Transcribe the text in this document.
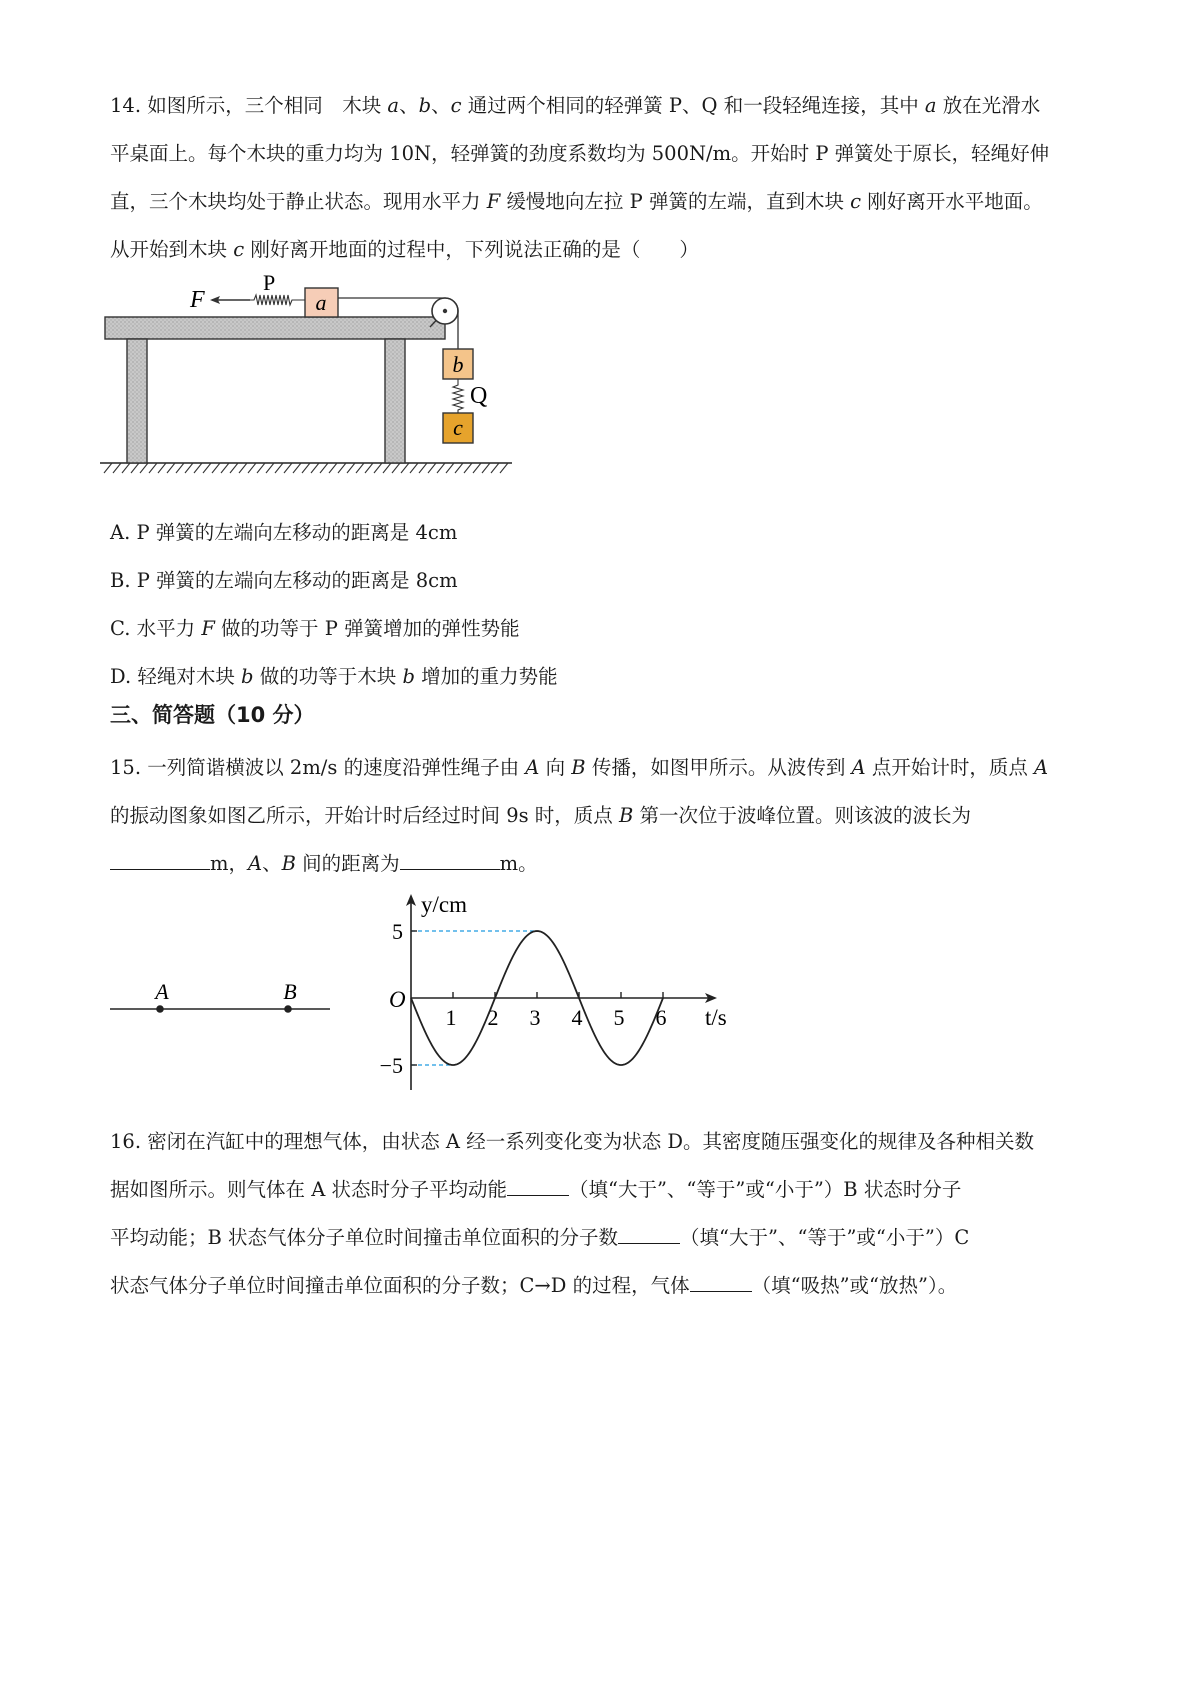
14. 如图所示，三个相同　木块 a、b、c 通过两个相同的轻弹簧 P、Q 和一段轻绳连接，其中 a 放在光滑水
平桌面上。每个木块的重力均为 10N，轻弹簧的劲度系数均为 500N/m。开始时 P 弹簧处于原长，轻绳好伸
直，三个木块均处于静止状态。现用水平力 F 缓慢地向左拉 P 弹簧的左端，直到木块 c 刚好离开水平地面。
从开始到木块 c 刚好离开地面的过程中，下列说法正确的是（　　）
F
P
a
b
Q
c
A. P 弹簧的左端向左移动的距离是 4cm
B. P 弹簧的左端向左移动的距离是 8cm
C. 水平力 F 做的功等于 P 弹簧增加的弹性势能
D. 轻绳对木块 b 做的功等于木块 b 增加的重力势能
三、简答题（10 分）
15. 一列简谐横波以 2m/s 的速度沿弹性绳子由 A 向 B 传播，如图甲所示。从波传到 A 点开始计时，质点 A
的振动图象如图乙所示，开始计时后经过时间 9s 时，质点 B 第一次位于波峰位置。则该波的波长为
m，A、B 间的距离为	m。
A	B
y/cm
t/s
O
1 2 3 4 5 6
5
−5
16. 密闭在汽缸中的理想气体，由状态 A 经一系列变化变为状态 D。其密度随压强变化的规律及各种相关数
据如图所示。则气体在 A 状态时分子平均动能	（填“大于”、“等于”或“小于”）B 状态时分子
平均动能；B 状态气体分子单位时间撞击单位面积的分子数	（填“大于”、“等于”或“小于”）C
状态气体分子单位时间撞击单位面积的分子数；C→D 的过程，气体	（填“吸热”或“放热”）。
